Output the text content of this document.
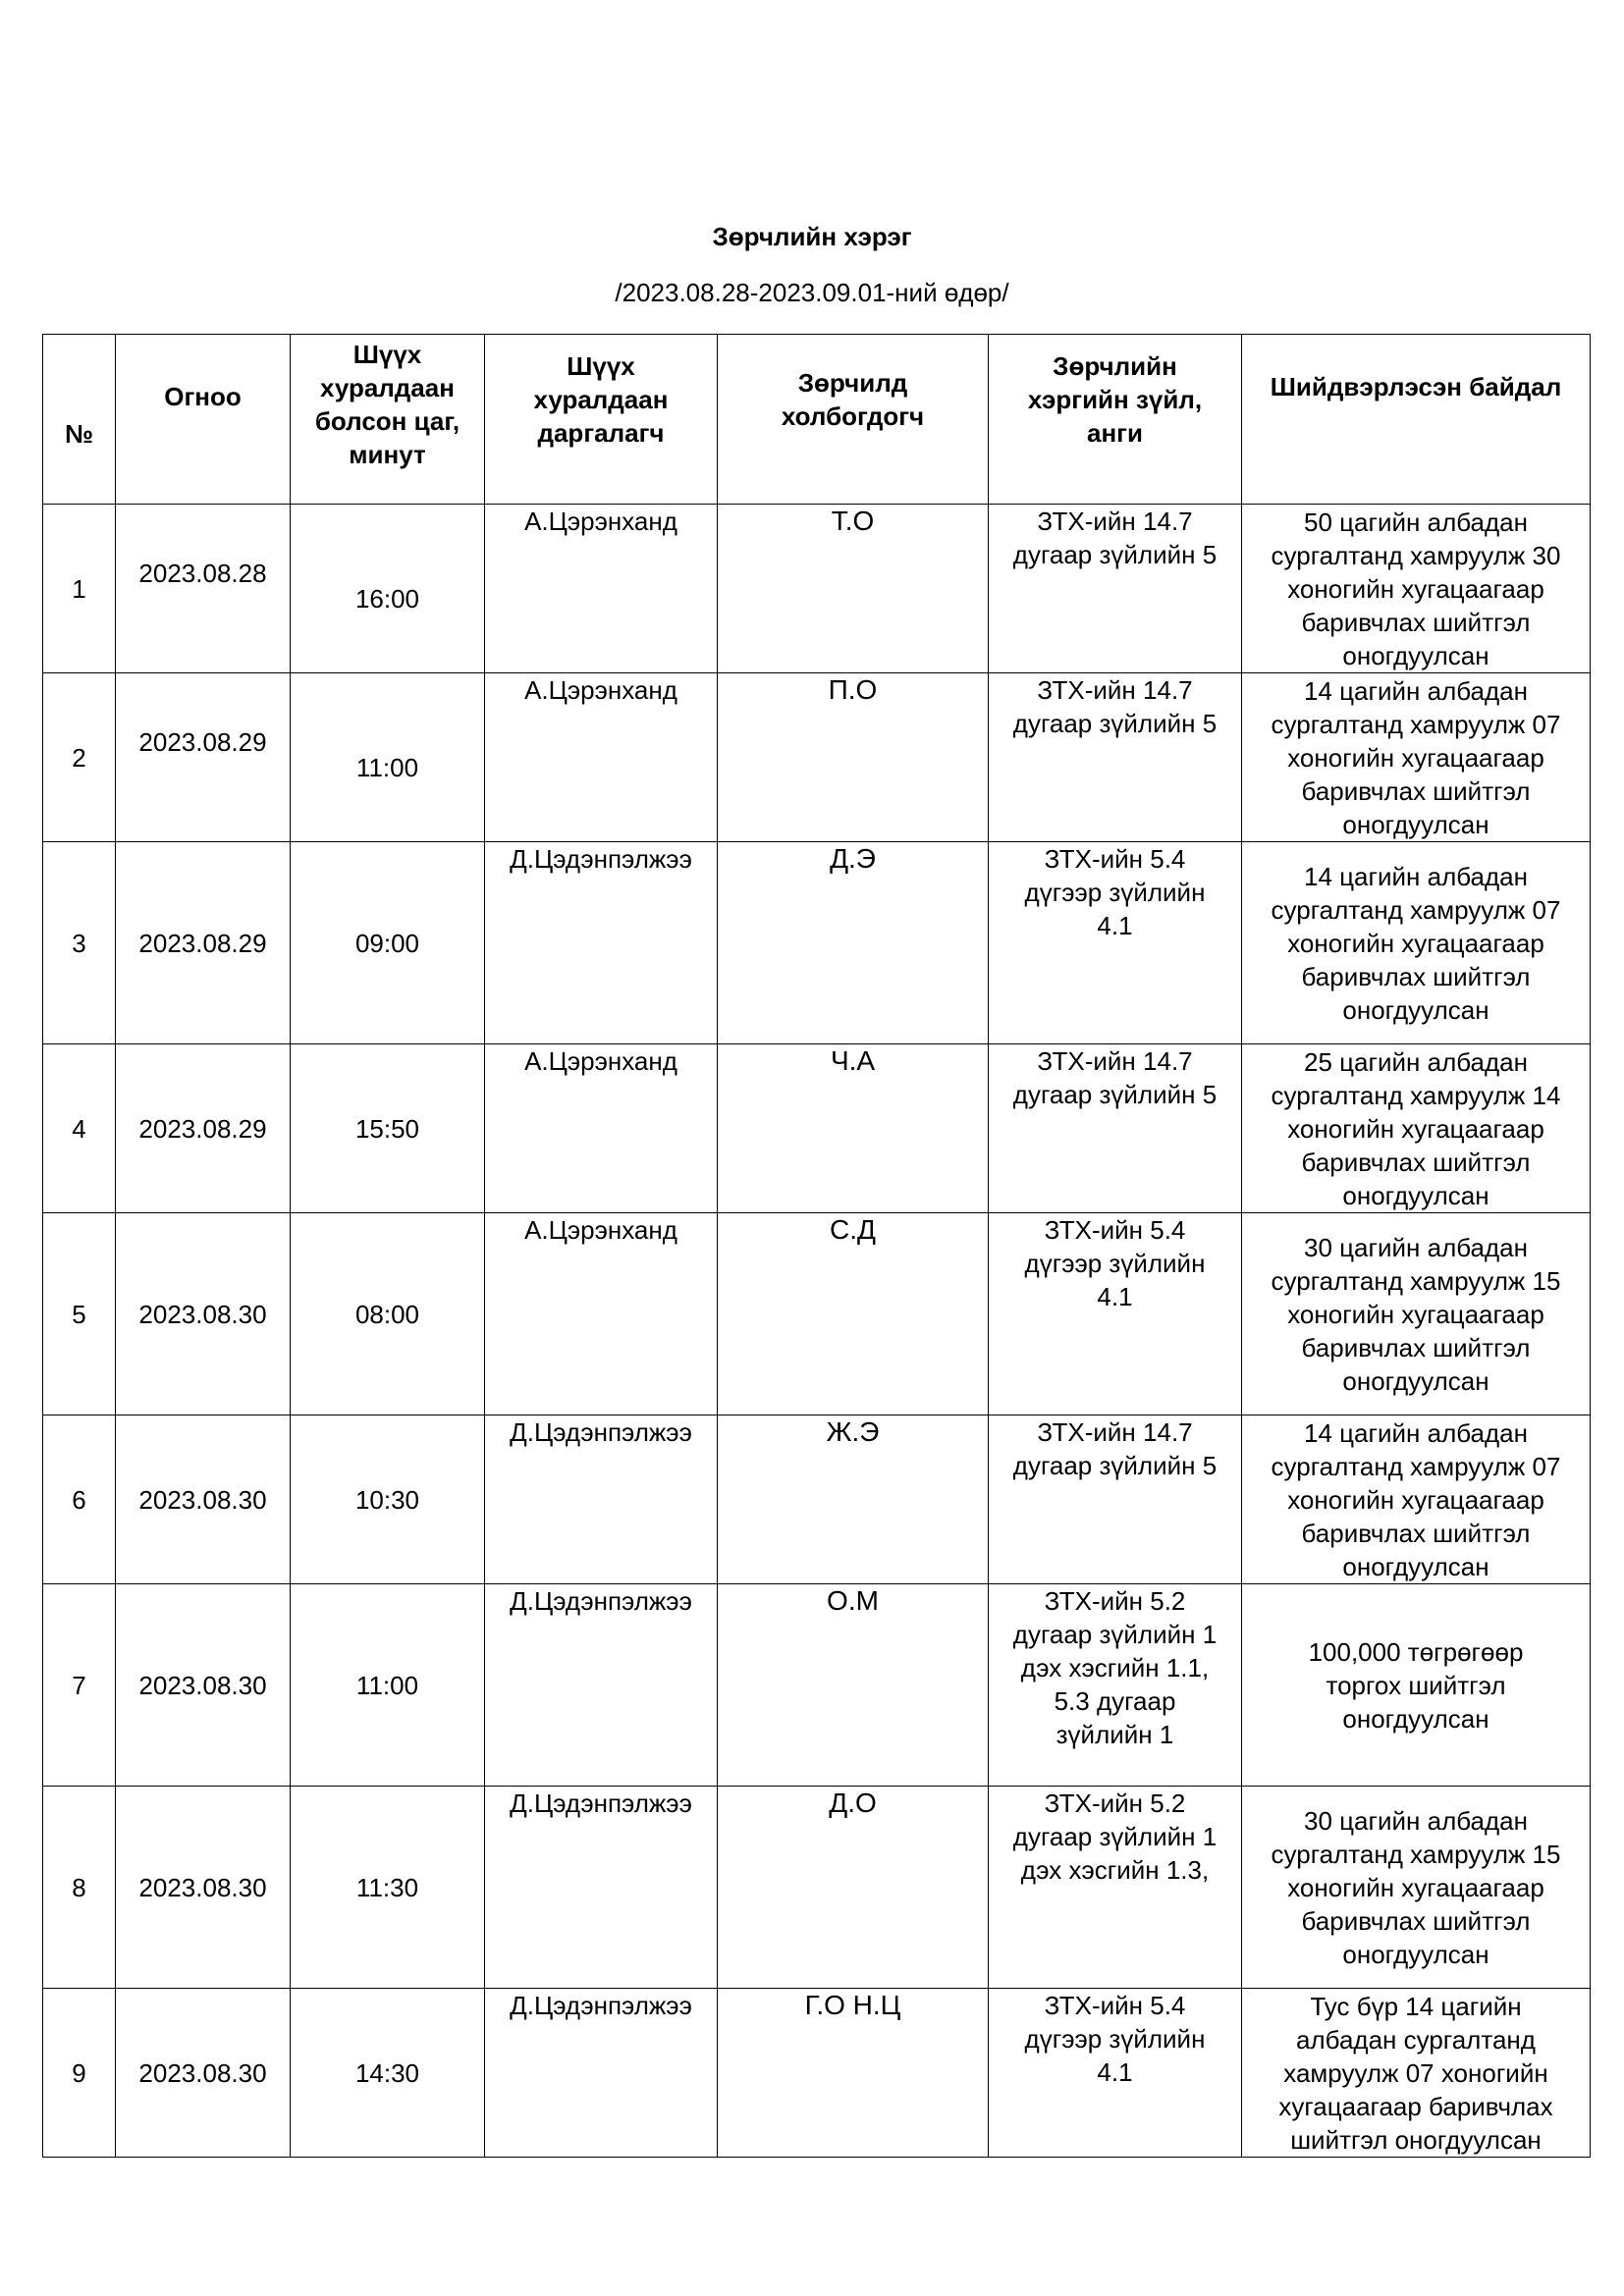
Зөрчлийн хэрэг
/2023.08.28-2023.09.01-ний өдөр/
№	Огноо	Шүүх
хуралдаан
болсон цаг,
минут	Шүүх
хуралдаан
даргалагч	Зөрчилд
холбогдогч	Зөрчлийн
хэргийн зүйл,
анги	Шийдвэрлэсэн байдал

1	2023.08.28	16:00	А.Цэрэнханд	Т.О	ЗТХ-ийн 14.7
дугаар зүйлийн 5	50 цагийн албадан
сургалтанд хамруулж 30
хоногийн хугацаагаар
баривчлах шийтгэл
оногдуулсан
2	2023.08.29	11:00	А.Цэрэнханд	П.О	ЗТХ-ийн 14.7
дугаар зүйлийн 5	14 цагийн албадан
сургалтанд хамруулж 07
хоногийн хугацаагаар
баривчлах шийтгэл
оногдуулсан
3	2023.08.29	09:00	Д.Цэдэнпэлжээ	Д.Э	ЗТХ-ийн 5.4
дүгээр зүйлийн
4.1	14 цагийн албадан
сургалтанд хамруулж 07
хоногийн хугацаагаар
баривчлах шийтгэл
оногдуулсан
4	2023.08.29	15:50	А.Цэрэнханд	Ч.А	ЗТХ-ийн 14.7
дугаар зүйлийн 5	25 цагийн албадан
сургалтанд хамруулж 14
хоногийн хугацаагаар
баривчлах шийтгэл
оногдуулсан
5	2023.08.30	08:00	А.Цэрэнханд	С.Д	ЗТХ-ийн 5.4
дүгээр зүйлийн
4.1	30 цагийн албадан
сургалтанд хамруулж 15
хоногийн хугацаагаар
баривчлах шийтгэл
оногдуулсан
6	2023.08.30	10:30	Д.Цэдэнпэлжээ	Ж.Э	ЗТХ-ийн 14.7
дугаар зүйлийн 5	14 цагийн албадан
сургалтанд хамруулж 07
хоногийн хугацаагаар
баривчлах шийтгэл
оногдуулсан
7	2023.08.30	11:00	Д.Цэдэнпэлжээ	О.М	ЗТХ-ийн 5.2
дугаар зүйлийн 1
дэх хэсгийн 1.1,
5.3 дугаар
зүйлийн 1	100,000 төгрөгөөр
торгох шийтгэл
оногдуулсан
8	2023.08.30	11:30	Д.Цэдэнпэлжээ	Д.О	ЗТХ-ийн 5.2
дугаар зүйлийн 1
дэх хэсгийн 1.3,	30 цагийн албадан
сургалтанд хамруулж 15
хоногийн хугацаагаар
баривчлах шийтгэл
оногдуулсан
9	2023.08.30	14:30	Д.Цэдэнпэлжээ	Г.О Н.Ц	ЗТХ-ийн 5.4
дүгээр зүйлийн
4.1	Тус бүр 14 цагийн
албадан сургалтанд
хамруулж 07 хоногийн
хугацаагаар баривчлах
шийтгэл оногдуулсан
